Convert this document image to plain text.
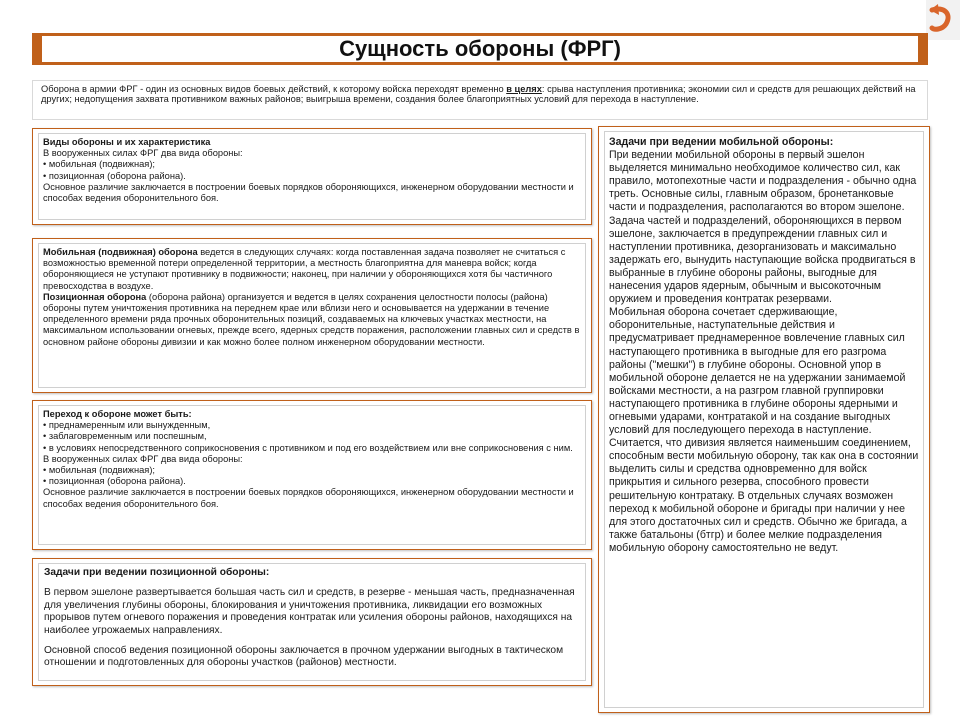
Сущность обороны (ФРГ)
Оборона в армии ФРГ - один из основных видов боевых действий, к которому войска переходят временно в целях: срыва наступления противника; экономии сил и средств для решающих действий на других; недопущения захвата противником важных районов; выигрыша времени, создания более благоприятных условий для перехода в наступление.
Виды обороны и их характеристика
В вооруженных силах ФРГ два вида обороны:
• мобильная (подвижная);
• позиционная (оборона района).
Основное различие заключается в построении боевых порядков обороняющихся, инженерном оборудовании местности и способах ведения оборонительного боя.
Мобильная (подвижная) оборона ведется в следующих случаях: когда поставленная задача позволяет не считаться с возможностью временной потери определенной территории, а местность благоприятна для маневра войск; когда обороняющиеся не уступают противнику в подвижности; наконец, при наличии у обороняющихся хотя бы частичного превосходства в воздухе.
Позиционная оборона (оборона района) организуется и ведется в целях сохранения целостности полосы (района) обороны путем уничтожения противника на переднем крае или вблизи него и основывается на удержании в течение определенного времени ряда прочных оборонительных позиций, создаваемых на ключевых участках местности, на максимальном использовании огневых, прежде всего, ядерных средств поражения, расположении главных сил и средств в основном районе обороны дивизии и как можно более полном инженерном оборудовании местности.
Переход к обороне может быть:
• преднамеренным или вынужденным,
• заблаговременным или поспешным,
• в условиях непосредственного соприкосновения с противником и под его воздействием или вне соприкосновения с ним.
В вооруженных силах ФРГ два вида обороны:
• мобильная (подвижная);
• позиционная (оборона района).
Основное различие заключается в построении боевых порядков обороняющихся, инженерном оборудовании местности и способах ведения оборонительного боя.
Задачи при ведении позиционной обороны:
В первом эшелоне развертывается большая часть сил и средств, в резерве - меньшая часть, предназначенная для увеличения глубины обороны, блокирования и уничтожения противника, ликвидации его возможных прорывов путем огневого поражения и проведения контратак или усиления обороны районов, находящихся на наиболее угрожаемых направлениях.
Основной способ ведения позиционной обороны заключается в прочном удержании выгодных в тактическом отношении и подготовленных для обороны участков (районов) местности.
Задачи при ведении мобильной обороны:
При ведении мобильной обороны в первый эшелон выделяется минимально необходимое количество сил, как правило, мотопехотные части и подразделения - обычно одна треть. Основные силы, главным образом, бронетанковые части и подразделения, располагаются во втором эшелоне.
Задача частей и подразделений, обороняющихся в первом эшелоне, заключается в предупреждении главных сил и наступлении противника, дезорганизовать и максимально задержать его, вынудить наступающие войска продвигаться в выбранные в глубине обороны районы, выгодные для нанесения ударов ядерным, обычным и высокоточным оружием и проведения контратак резервами.
Мобильная оборона сочетает сдерживающие, оборонительные, наступательные действия и предусматривает преднамеренное вовлечение главных сил наступающего противника в выгодные для его разгрома районы ("мешки") в глубине обороны. Основной упор в мобильной обороне делается не на удержании занимаемой войсками местности, а на разгром главной группировки наступающего противника в глубине обороны ядерными и огневыми ударами, контратакой и на создание выгодных условий для последующего перехода в наступление.
Считается, что дивизия является наименьшим соединением, способным вести мобильную оборону, так как она в состоянии выделить силы и средства одновременно для войск прикрытия и сильного резерва, способного провести решительную контратаку. В отдельных случаях возможен переход к мобильной обороне и бригады при наличии у нее для этого достаточных сил и средств. Обычно же бригада, а также батальоны (бтгр) и более мелкие подразделения мобильную оборону самостоятельно не ведут.
